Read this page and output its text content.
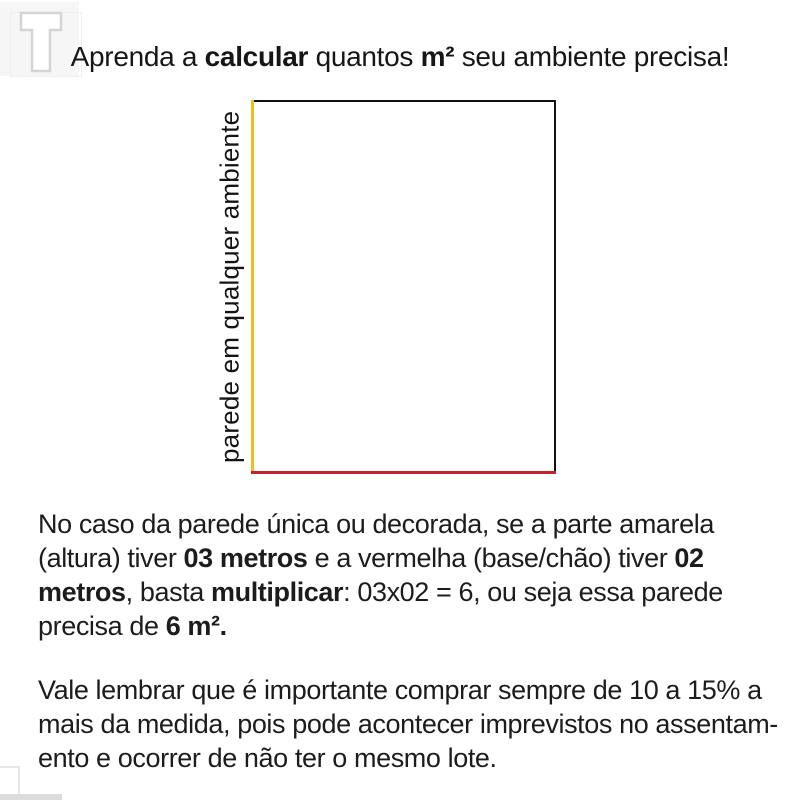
Aprenda a calcular quantos m² seu ambiente precisa!
parede em qualquer ambiente
No caso da parede única ou decorada, se a parte amarela
(altura) tiver 03 metros e a vermelha (base/chão) tiver 02
metros, basta multiplicar: 03x02 = 6, ou seja essa parede
precisa de 6 m².
Vale lembrar que é importante comprar sempre de 10 a 15% a
mais da medida, pois pode acontecer imprevistos no assentam-
ento e ocorrer de não ter o mesmo lote.
